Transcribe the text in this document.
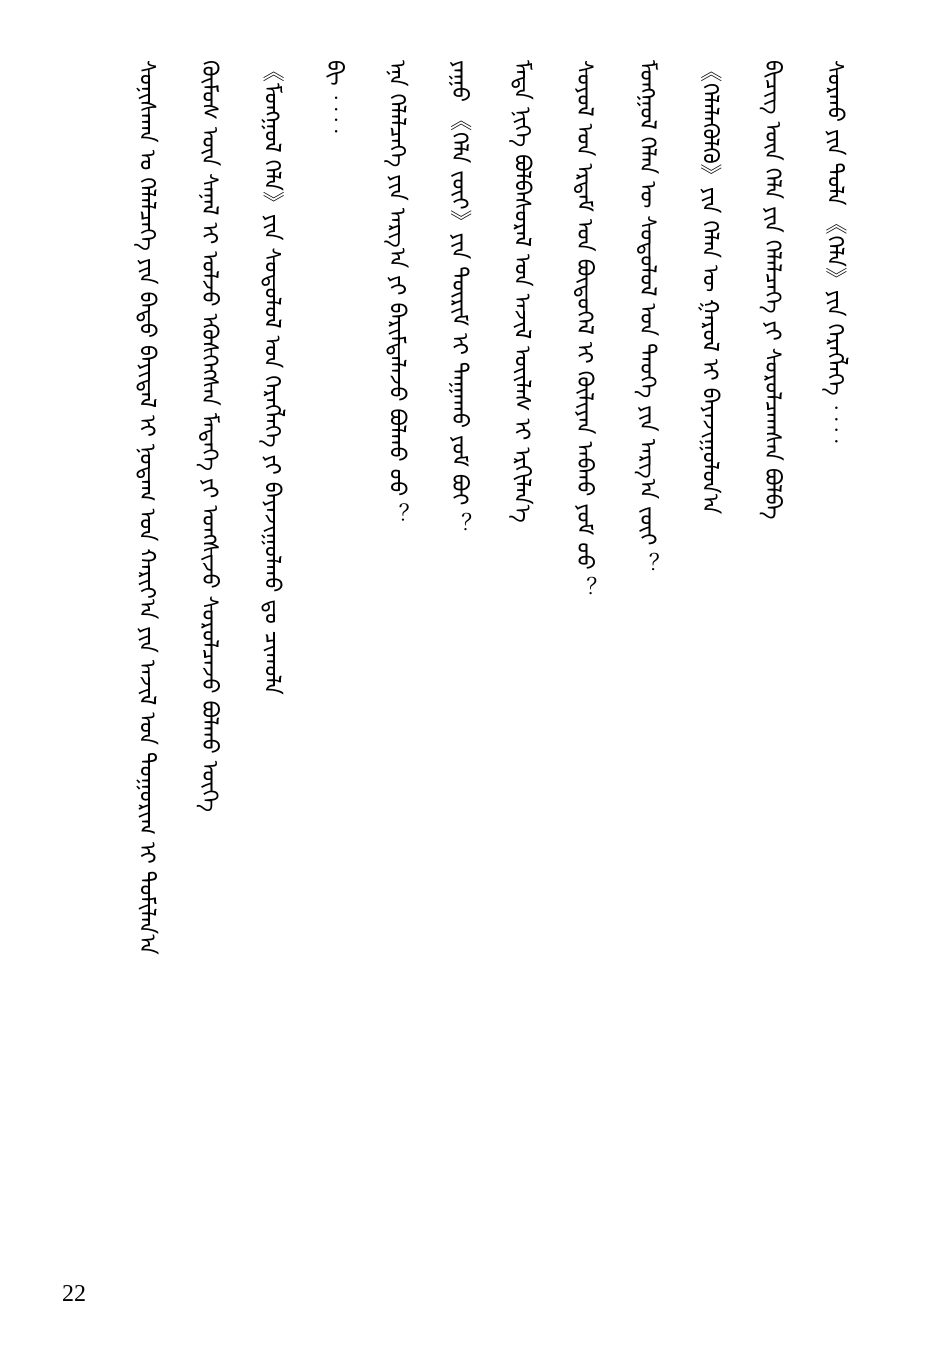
ᠰᠣᠨᠢᠰᠬᠠᠨ ᠤ ᠬᠡᠯᠡᠯᠴᠡᠭᠡ ᠶᠢᠨ ᠪᠠᠳᠤ ᠪᠠᠶᠢᠳᠠᠯ ᠢ ᠨᠤᠲᠠᠭ ᠤᠨ ᠬᠠᠷᠢᠶ᠎ᠠ ᠶᠢᠨ ᠠᠵᠢᠯ ᠤᠨ ᠲᠤᠭᠤᠷᠢᠭ ᠢ ᠲᠣᠮᠢᠯᠠᠨ᠎ᠠ	ᠬᠦᠮᠦᠰ ᠦᠨ ᠰᠠᠨᠠᠯ ᠢ ᠣᠯᠵᠤ ᠡᠭᠦᠰᠬᠡᠭᠰᠡᠨ ᠮᠡᠳᠡᠭᠡ ᠶᠢ ᠤᠨᠭᠰᠢᠵᠤ ᠰᠤᠷᠤᠯᠴᠠᠵᠤ ᠪᠣᠯᠬᠤ ᠦᠭᠡ	《ᠮᠣᠩᠭᠣᠯ ᠬᠡᠯᠡ》ᠶᠢᠨ ᠰᠣᠳᠤᠯᠤᠯ ᠤᠨ ᠬᠡᠷᠡᠭᠯᠡᠭᠡ ᠶᠢ ᠪᠠᠶᠠᠵᠢᠭᠤᠯᠬᠤ ᠳᠤ ᠴᠢᠬᠤᠯᠠ	ᠪᠢ ︰︰	ᠡᠨᠡ ᠬᠡᠯᠡᠯᠴᠡᠭᠡ ᠶᠢᠨ ᠠᠷᠭ᠎ᠠ ᠶᠢ ᠪᠠᠷᠢᠮᠲᠠᠯᠠᠵᠤ ᠪᠣᠯᠬᠤ ᠤᠤ ︖	ᠶᠠᠭᠤ 《ᠬᠡᠯᠡ ᠵᠦᠢ》ᠶᠢᠨ ᠳᠦᠷᠢᠮ ᠢ ᠳᠠᠭᠠᠬᠤ ᠶᠤᠮ ᠪᠤᠢ ︖	ᠮᠡᠳᠡ ᠨᠢᠭᠡ ᠪᠣᠯᠪᠠᠰᠤᠷᠠᠯ ᠤᠨ ᠠᠵᠢᠯ ᠦᠢᠯᠡᠰ ᠢ ᠡᠷᠬᠢᠯᠡᠨ᠎ᠡ	ᠰᠣᠶᠣᠯ ᠤᠨ ᠡᠷᠳᠡᠮ ᠤᠨ ᠪᠦᠲᠦᠭᠡᠯ ᠢ ᠬᠦᠯᠢᠶᠡᠨ ᠠᠪᠬᠤ ᠶᠤᠮ ᠤᠤ ︖	ᠮᠣᠩᠭᠣᠯ ᠬᠡᠯᠡᠨ ᠦ ᠰᠤᠳᠤᠯᠤᠯ ᠤᠨ ᠲᠡᠦᠬᠡ ᠶᠢᠨ ᠠᠷᠭ᠎ᠠ ᠵᠦᠢ ︖	《ᠬᠡᠯᠡᠯᠡᠭᠦᠯᠬᠦ》ᠶᠢᠨ ᠬᠡᠯᠡᠨ ᠦ ᠭᠠᠷᠤᠯ ᠢ ᠪᠠᠶᠠᠵᠢᠭᠤᠯᠤᠨ᠎ᠠ	ᠪᠢᠴᠢᠭ᠌ ᠦᠨ ᠬᠡᠯᠡ ᠶᠢᠨ ᠬᠡᠯᠡᠯᠴᠡᠭᠡ ᠶᠢ ᠰᠤᠷᠤᠯᠴᠠᠭᠰᠠᠨ ᠪᠣᠯᠪᠠ	ᠰᠤᠷᠬᠤ ᠶᠢᠨ ᠲᠤᠯᠠ 《ᠬᠡᠯᠡ》ᠶᠢᠨ ᠬᠡᠷᠡᠭᠯᠡᠭᠡ ︰︰
22
